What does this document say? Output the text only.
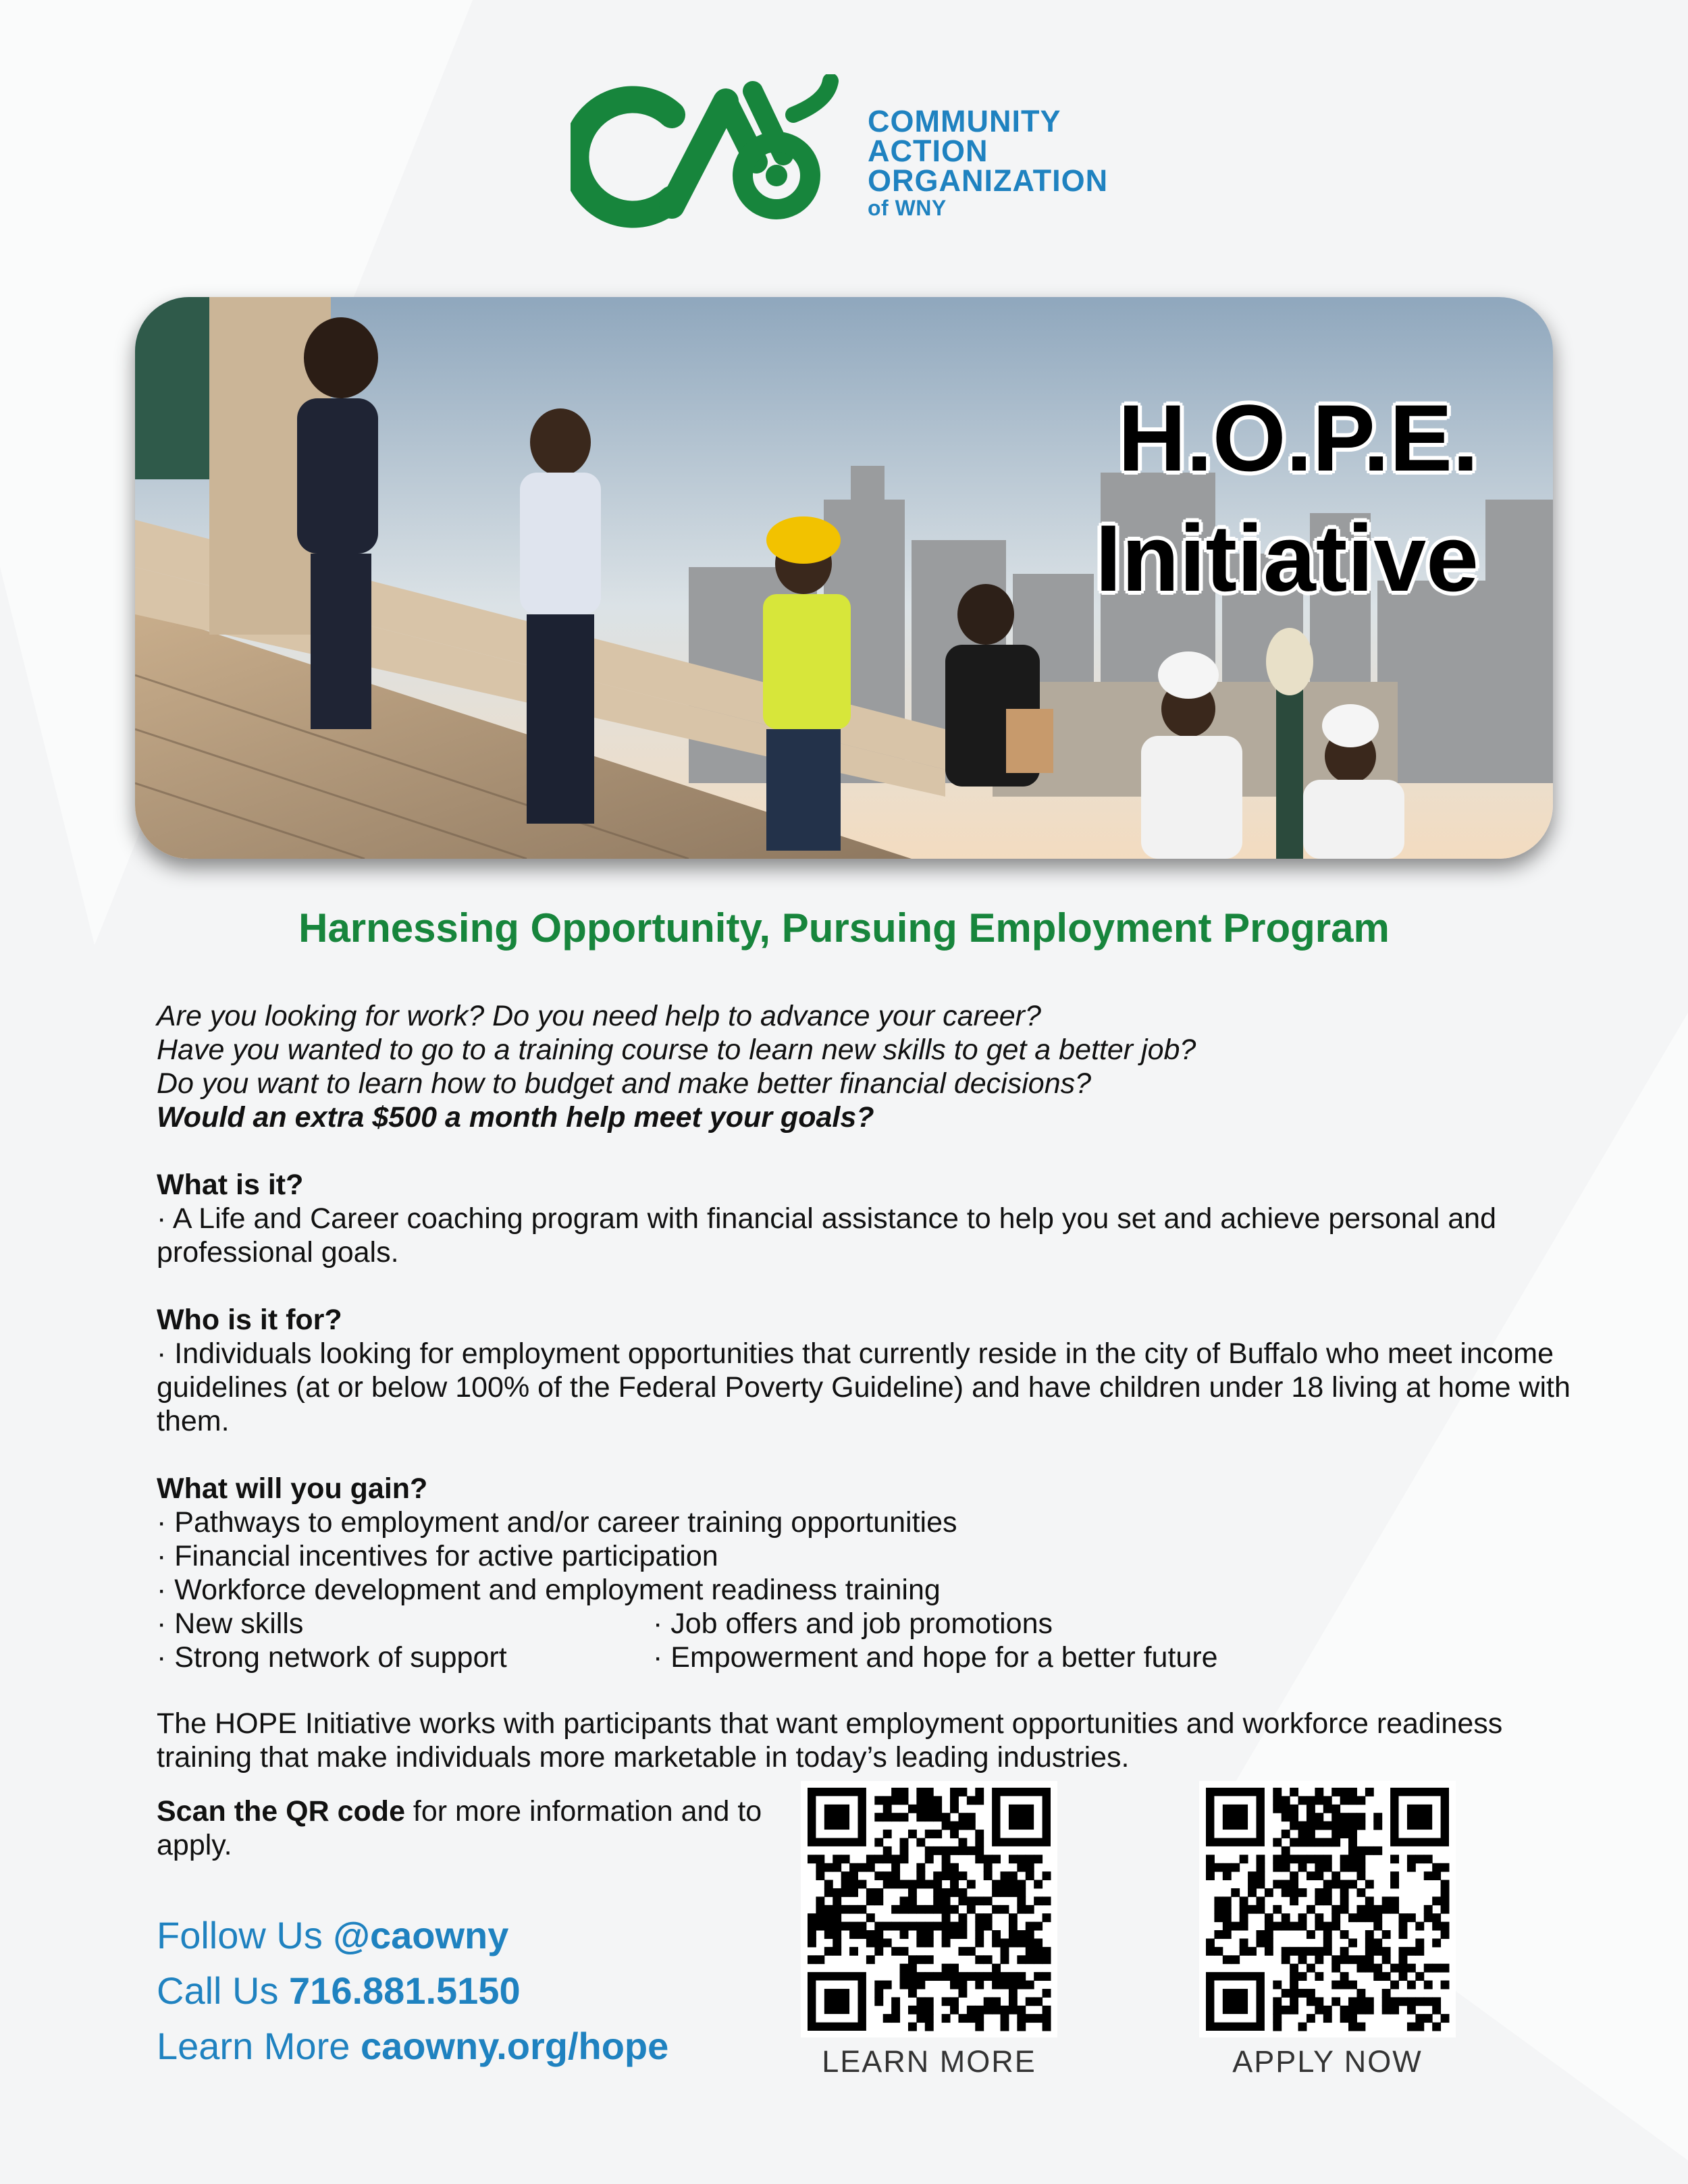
COMMUNITY
ACTION
ORGANIZATION
of WNY
H.O.P.E.
Initiative
Harnessing Opportunity, Pursuing Employment Program

Are you looking for work? Do you need help to advance your career?

Have you wanted to go to a training course to learn new skills to get a better job?

Do you want to learn how to budget and make better financial decisions?

Would an extra $500 a month help meet your goals?

What is it?

· A Life and Career coaching program with financial assistance to help you set and achieve personal and professional goals.

Who is it for?

· Individuals looking for employment opportunities that currently reside in the city of Buffalo who meet income guidelines (at or below 100% of the Federal Poverty Guideline) and have children under 18 living at home with them.

What will you gain?

· Pathways to employment and/or career training opportunities

· Financial incentives for active participation

· Workforce development and employment readiness training

· New skills

· Strong network of support

· Job offers and job promotions

· Empowerment and hope for a better future

The HOPE Initiative works with participants that want employment opportunities and workforce readiness training that make individuals more marketable in today’s leading industries.

Scan the QR code for more information and to apply.
Follow Us @caowny
Call Us 716.881.5150
Learn More caowny.org/hope	LEARN MORE	APPLY NOW
